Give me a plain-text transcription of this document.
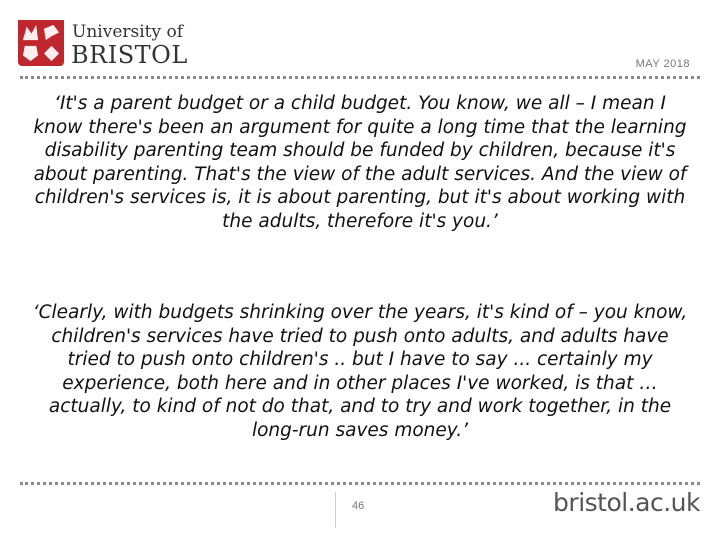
University of
BRISTOL	MAY 2018
‘It's a parent budget or a child budget. You know, we all – I mean I know there's been an argument for quite a long time that the learning disability parenting team should be funded by children, because it's about parenting. That's the view of the adult services. And the view of children's services is, it is about parenting, but it's about working with the adults, therefore it's you.’
‘Clearly, with budgets shrinking over the years, it's kind of – you know, children's services have tried to push onto adults, and adults have tried to push onto children's .. but I have to say ... certainly my experience, both here and in other places I've worked, is that … actually, to kind of not do that, and to try and work together, in the long-run saves money.’
46	bristol.ac.uk
